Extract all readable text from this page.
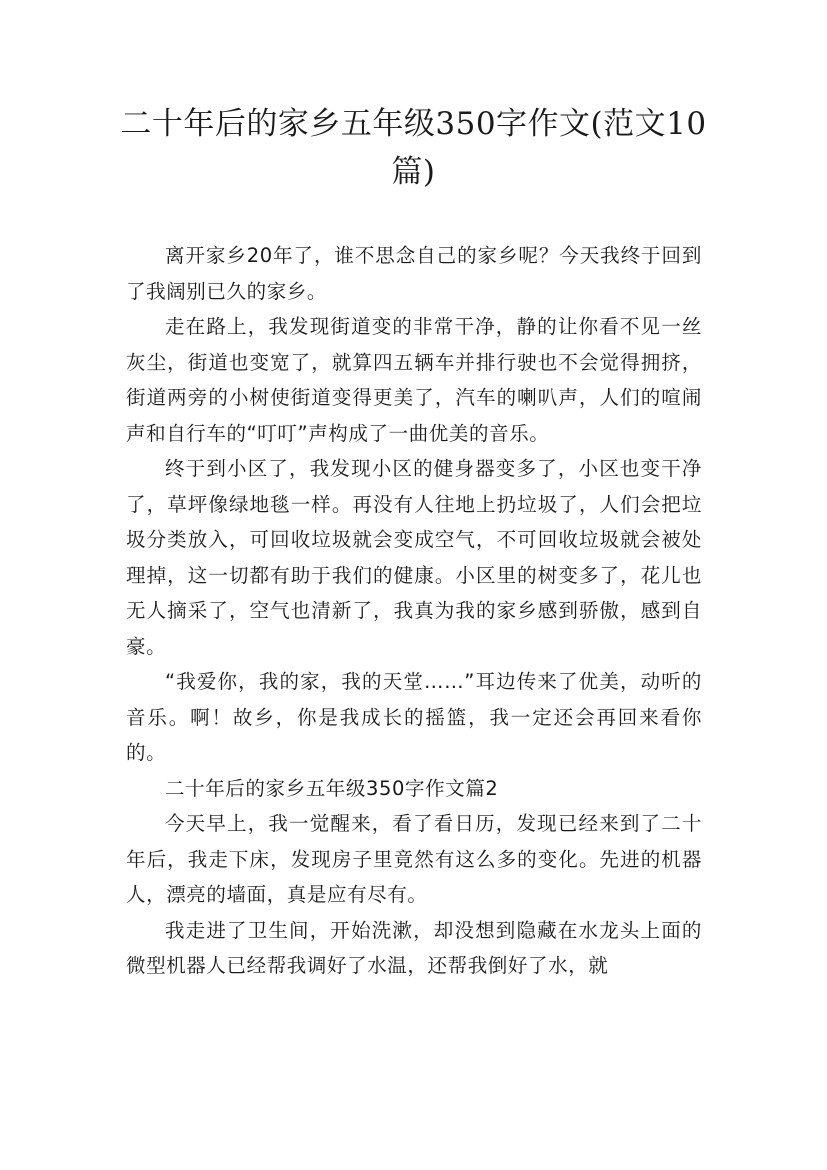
二十年后的家乡五年级350字作文(范文10篇)

离开家乡20年了，谁不思念自己的家乡呢？今天我终于回到了我阔别已久的家乡。

走在路上，我发现街道变的非常干净，静的让你看不见一丝灰尘，街道也变宽了，就算四五辆车并排行驶也不会觉得拥挤，街道两旁的小树使街道变得更美了，汽车的喇叭声，人们的喧闹声和自行车的“叮叮”声构成了一曲优美的音乐。

终于到小区了，我发现小区的健身器变多了，小区也变干净了，草坪像绿地毯一样。再没有人往地上扔垃圾了，人们会把垃圾分类放入，可回收垃圾就会变成空气，不可回收垃圾就会被处理掉，这一切都有助于我们的健康。小区里的树变多了，花儿也无人摘采了，空气也清新了，我真为我的家乡感到骄傲，感到自豪。

“我爱你，我的家，我的天堂……”耳边传来了优美，动听的音乐。啊！故乡，你是我成长的摇篮，我一定还会再回来看你的。

二十年后的家乡五年级350字作文篇2

今天早上，我一觉醒来，看了看日历，发现已经来到了二十年后，我走下床，发现房子里竟然有这么多的变化。先进的机器人，漂亮的墙面，真是应有尽有。

我走进了卫生间，开始洗漱，却没想到隐藏在水龙头上面的微型机器人已经帮我调好了水温，还帮我倒好了水，就
